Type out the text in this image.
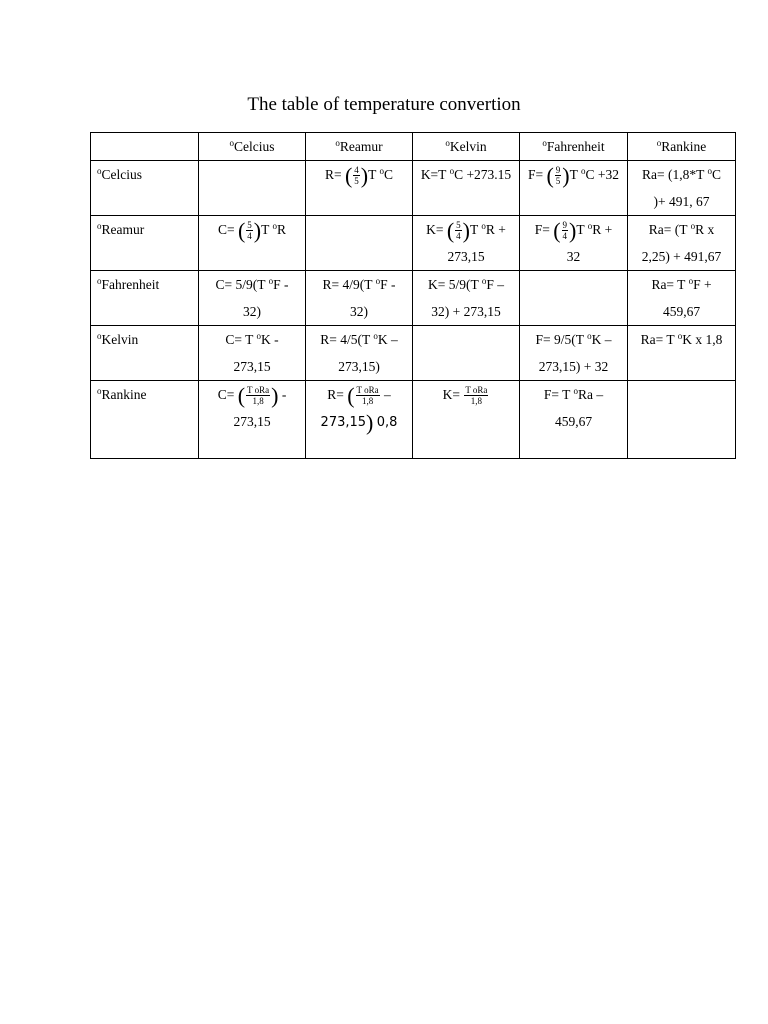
The table of temperature convertion
	$^o$Celcius	$^o$Reamur	$^o$Kelvin	$^o$Fahrenheit	$^o$Rankine
$^o$Celcius		R= ( $\frac{4}{5} )T$ $^o$C	K=T $^o$C +273.15	F= ( $\frac{9}{5} )T$ $^o$C +32	Ra= (1,8*T $^o$C
)+ 491, 67
$^o$Reamur	C= ( $\frac{5}{4} )T$ $^o$R		K= ( $\frac{5}{4} )T$ $^o$R +
273,15	F= ( $\frac{9}{4} )T$ $^o$R +
32	Ra= (T $^o$R x
2,25) + 491,67
$^o$Fahrenheit	C= 5/9(T $^o$F -
32)	R= 4/9(T $^o$F -
32)	K= 5/9(T $^o$F –
32) + 273,15		Ra= T $^o$F +
459,67
$^o$Kelvin	C= T $^o$K -
273,15	R= 4/5(T $^o$K –
273,15)		F= 9/5(T $^o$K –
273,15) + 32	Ra= T $^o$K x 1,8
$^o$Rankine	C= ( $\frac{\text{T oRa}}{1,8}$ ) -
273,15	R= ( $\frac{\text{T oRa}}{1,8}$ –
273,15) 0,8	$K= \frac{\text{T oRa}}{1,8}$	F= T $^o$Ra –
459,67	
